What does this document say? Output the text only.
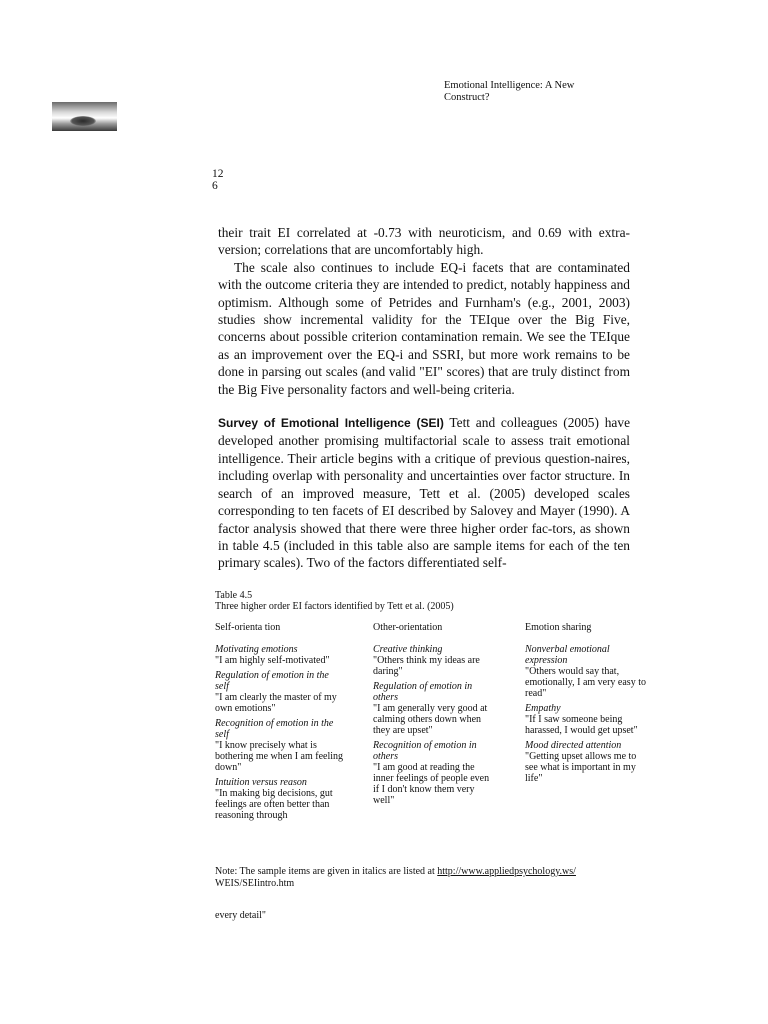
Emotional Intelligence: A New Construct?
12
6

their trait EI correlated at -0.73 with neuroticism, and 0.69 with extra-version; correlations that are uncomfortably high.

The scale also continues to include EQ-i facets that are contaminated with the outcome criteria they are intended to predict, notably happiness and optimism. Although some of Petrides and Furnham's (e.g., 2001, 2003) studies show incremental validity for the TEIque over the Big Five, concerns about possible criterion contamination remain. We see the TEIque as an improvement over the EQ-i and SSRI, but more work remains to be done in parsing out scales (and valid "EI" scores) that are truly distinct from the Big Five personality factors and well-being criteria.

Survey of Emotional Intelligence (SEI) Tett and colleagues (2005) have developed another promising multifactorial scale to assess trait emotional intelligence. Their article begins with a critique of previous question-naires, including overlap with personality and uncertainties over factor structure. In search of an improved measure, Tett et al. (2005) developed scales corresponding to ten facets of EI described by Salovey and Mayer (1990). A factor analysis showed that there were three higher order fac-tors, as shown in table 4.5 (included in this table also are sample items for each of the ten primary scales). Two of the factors differentiated self-

Table 4.5

Three higher order EI factors identified by Tett et al. (2005)

Self-orienta tion
Motivating emotions
"I am highly self-motivated"
Regulation of emotion in the self
"I am clearly the master of my own emotions"
Recognition of emotion in the self
"I know precisely what is bothering me when I am feeling down"
Intuition versus reason
"In making big decisions, gut feelings are often better than reasoning through
Other-orientation
Creative thinking
"Others think my ideas are daring"
Regulation of emotion in others
"I am generally very good at calming others down when they are upset"
Recognition of emotion in others
"I am good at reading the inner feelings of people even if I don't know them very well"
Emotion sharing
Nonverbal emotional expression
"Others would say that, emotionally, I am very easy to read"
Empathy
"If I saw someone being harassed, I would get upset"
Mood directed attention
"Getting upset allows me to see what is important in my life"
Note: The sample items are given in italics are listed at http://www.appliedpsychology.ws/
WEIS/SEIintro.htm
every detail"
